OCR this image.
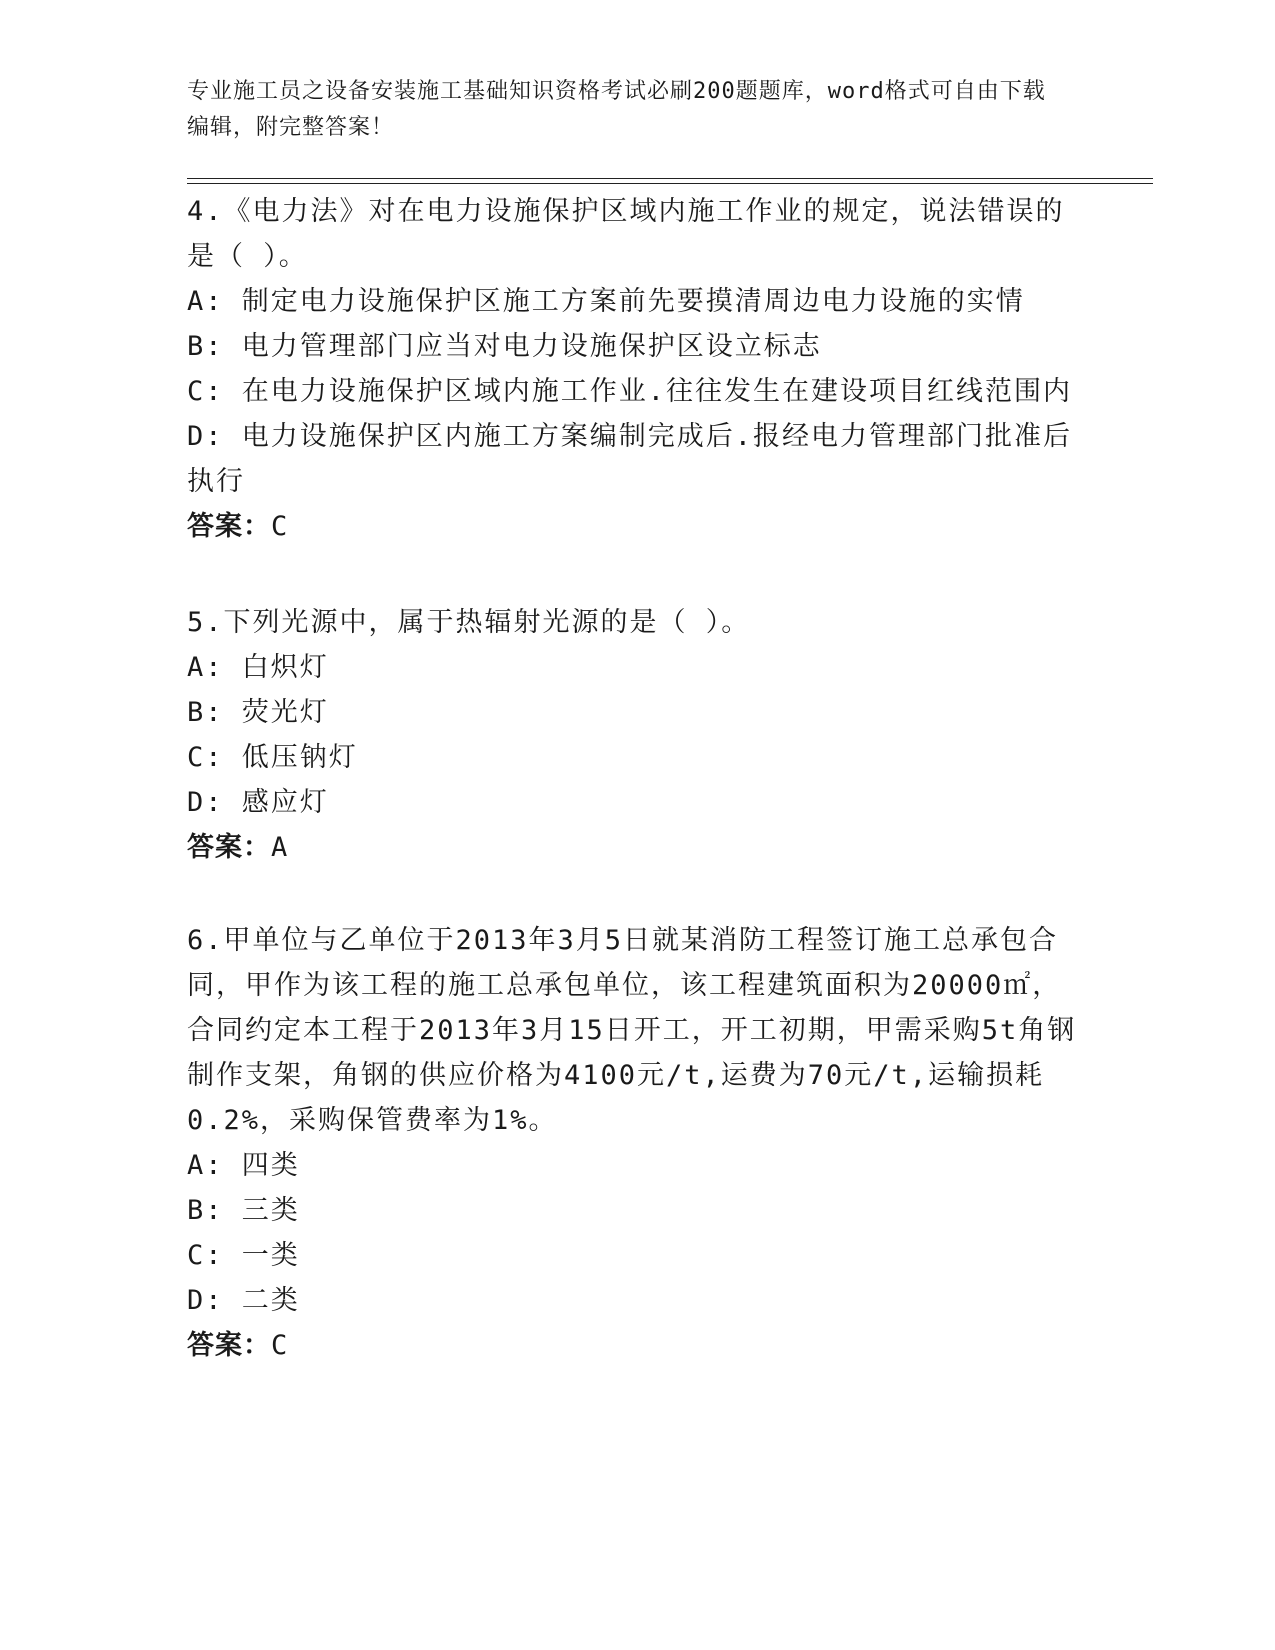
专业施工员之设备安装施工基础知识资格考试必刷200题题库，word格式可自由下载编辑，附完整答案！

4.《电力法》对在电力设施保护区域内施工作业的规定，说法错误的是（ ）。

A: 制定电力设施保护区施工方案前先要摸清周边电力设施的实情

B: 电力管理部门应当对电力设施保护区设立标志

C: 在电力设施保护区域内施工作业.往往发生在建设项目红线范围内

D: 电力设施保护区内施工方案编制完成后.报经电力管理部门批准后执行

答案：C

5.下列光源中，属于热辐射光源的是（ ）。

A: 白炽灯

B: 荧光灯

C: 低压钠灯

D: 感应灯

答案：A

6.甲单位与乙单位于2013年3月5日就某消防工程签订施工总承包合同，甲作为该工程的施工总承包单位，该工程建筑面积为20000㎡，合同约定本工程于2013年3月15日开工，开工初期，甲需采购5t角钢制作支架，角钢的供应价格为4100元/t,运费为70元/t,运输损耗0.2%，采购保管费率为1%。

A: 四类

B: 三类

C: 一类

D: 二类

答案：C
